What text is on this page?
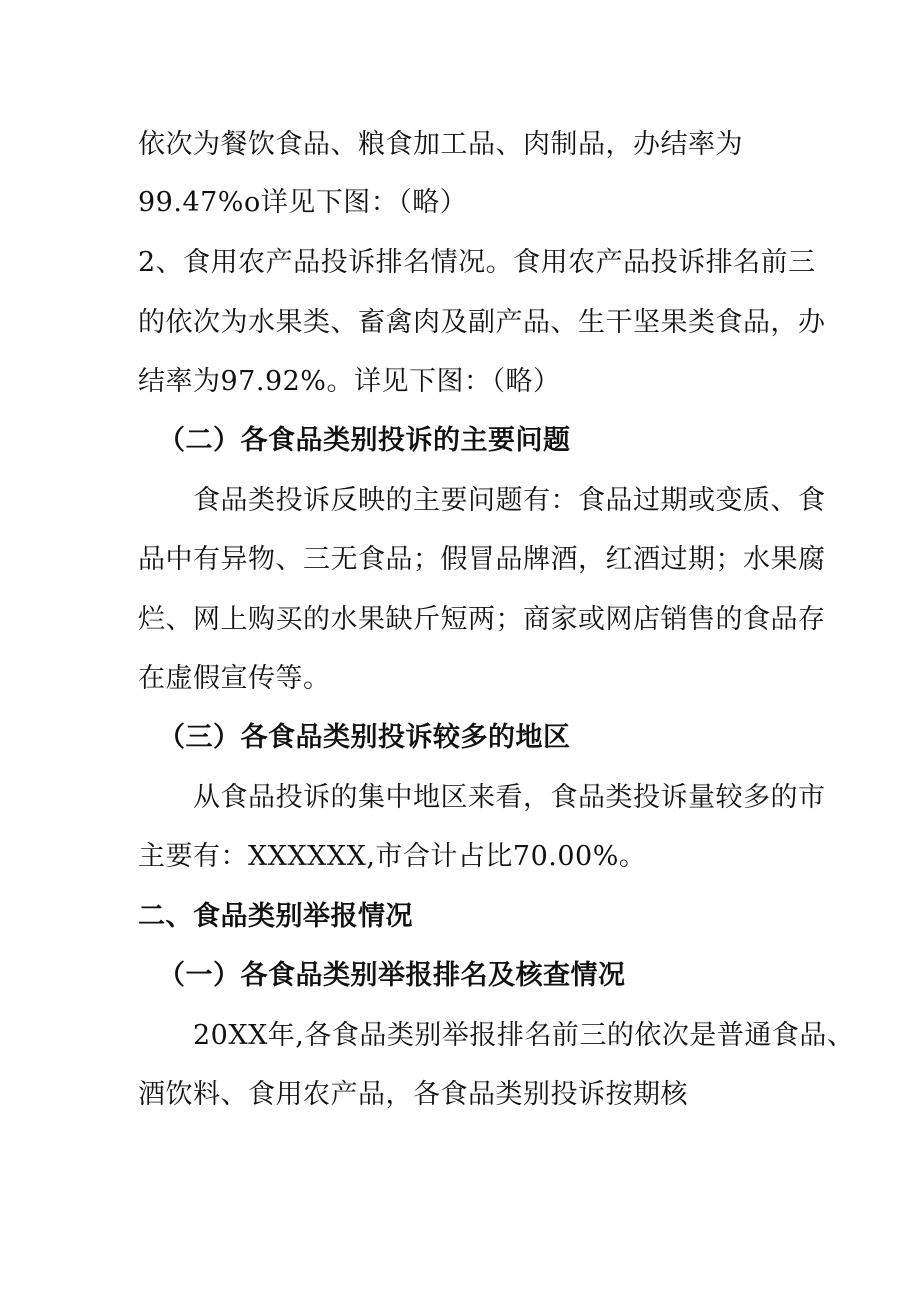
依次为餐饮食品、粮食加工品、肉制品，办结率为
99.47%o详见下图：（略）
2、食用农产品投诉排名情况。食用农产品投诉排名前三
的依次为水果类、畜禽肉及副产品、生干坚果类食品，办
结率为97.92%。详见下图：（略）
（二）各食品类别投诉的主要问题
食品类投诉反映的主要问题有：食品过期或变质、食
品中有异物、三无食品；假冒品牌酒，红酒过期；水果腐
烂、网上购买的水果缺斤短两；商家或网店销售的食品存
在虚假宣传等。
（三）各食品类别投诉较多的地区
从食品投诉的集中地区来看，食品类投诉量较多的市
主要有：XXXXXX,市合计占比70.00%。
二、食品类别举报情况
（一）各食品类别举报排名及核查情况
20XX年,各食品类别举报排名前三的依次是普通食品、
酒饮料、食用农产品，各食品类别投诉按期核
